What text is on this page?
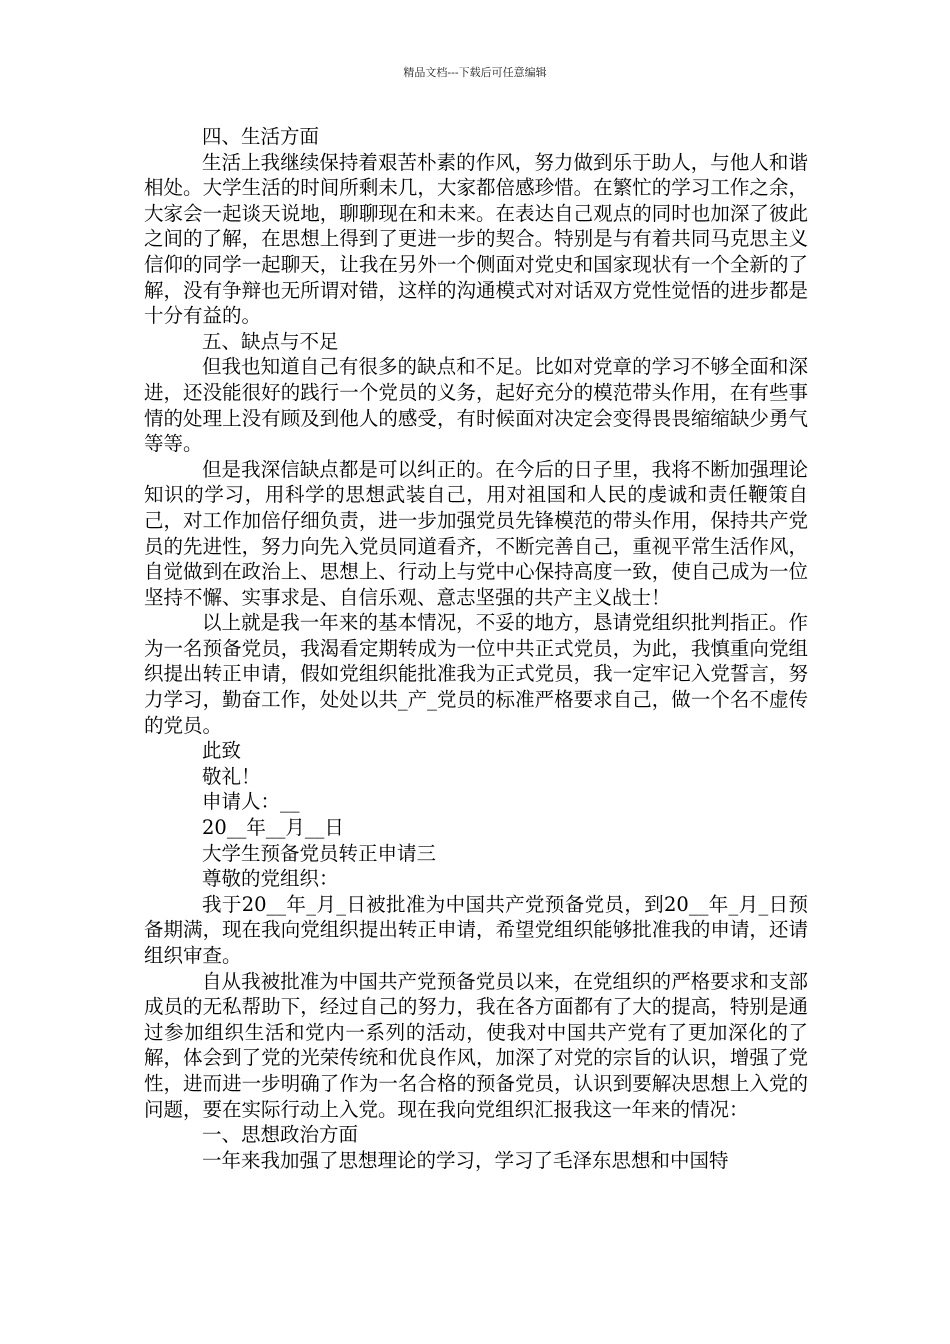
精品文档---下载后可任意编辑

四、生活方面

生活上我继续保持着艰苦朴素的作风，努力做到乐于助人，与他人和谐相处。大学生活的时间所剩未几，大家都倍感珍惜。在繁忙的学习工作之余，大家会一起谈天说地，聊聊现在和未来。在表达自己观点的同时也加深了彼此之间的了解，在思想上得到了更进一步的契合。特别是与有着共同马克思主义信仰的同学一起聊天，让我在另外一个侧面对党史和国家现状有一个全新的了解，没有争辩也无所谓对错，这样的沟通模式对对话双方党性觉悟的进步都是十分有益的。

五、缺点与不足

但我也知道自己有很多的缺点和不足。比如对党章的学习不够全面和深进，还没能很好的践行一个党员的义务，起好充分的模范带头作用，在有些事情的处理上没有顾及到他人的感受，有时候面对决定会变得畏畏缩缩缺少勇气等等。

但是我深信缺点都是可以纠正的。在今后的日子里，我将不断加强理论知识的学习，用科学的思想武装自己，用对祖国和人民的虔诚和责任鞭策自己，对工作加倍仔细负责，进一步加强党员先锋模范的带头作用，保持共产党员的先进性，努力向先入党员同道看齐，不断完善自己，重视平常生活作风，自觉做到在政治上、思想上、行动上与党中心保持高度一致，使自己成为一位坚持不懈、实事求是、自信乐观、意志坚强的共产主义战士！

以上就是我一年来的基本情况，不妥的地方，恳请党组织批判指正。作为一名预备党员，我渴看定期转成为一位中共正式党员，为此，我慎重向党组织提出转正申请，假如党组织能批准我为正式党员，我一定牢记入党誓言，努力学习，勤奋工作，处处以共_产_党员的标准严格要求自己，做一个名不虚传的党员。

此致

敬礼！

申请人：__

20__年__月__日

大学生预备党员转正申请三

尊敬的党组织：

我于20__年_月_日被批准为中国共产党预备党员，到20__年_月_日预备期满，现在我向党组织提出转正申请，希望党组织能够批准我的申请，还请组织审查。

自从我被批准为中国共产党预备党员以来，在党组织的严格要求和支部成员的无私帮助下，经过自己的努力，我在各方面都有了大的提高，特别是通过参加组织生活和党内一系列的活动，使我对中国共产党有了更加深化的了解，体会到了党的光荣传统和优良作风，加深了对党的宗旨的认识，增强了党性，进而进一步明确了作为一名合格的预备党员，认识到要解决思想上入党的问题，要在实际行动上入党。现在我向党组织汇报我这一年来的情况：

一、思想政治方面

一年来我加强了思想理论的学习，学习了毛泽东思想和中国特
